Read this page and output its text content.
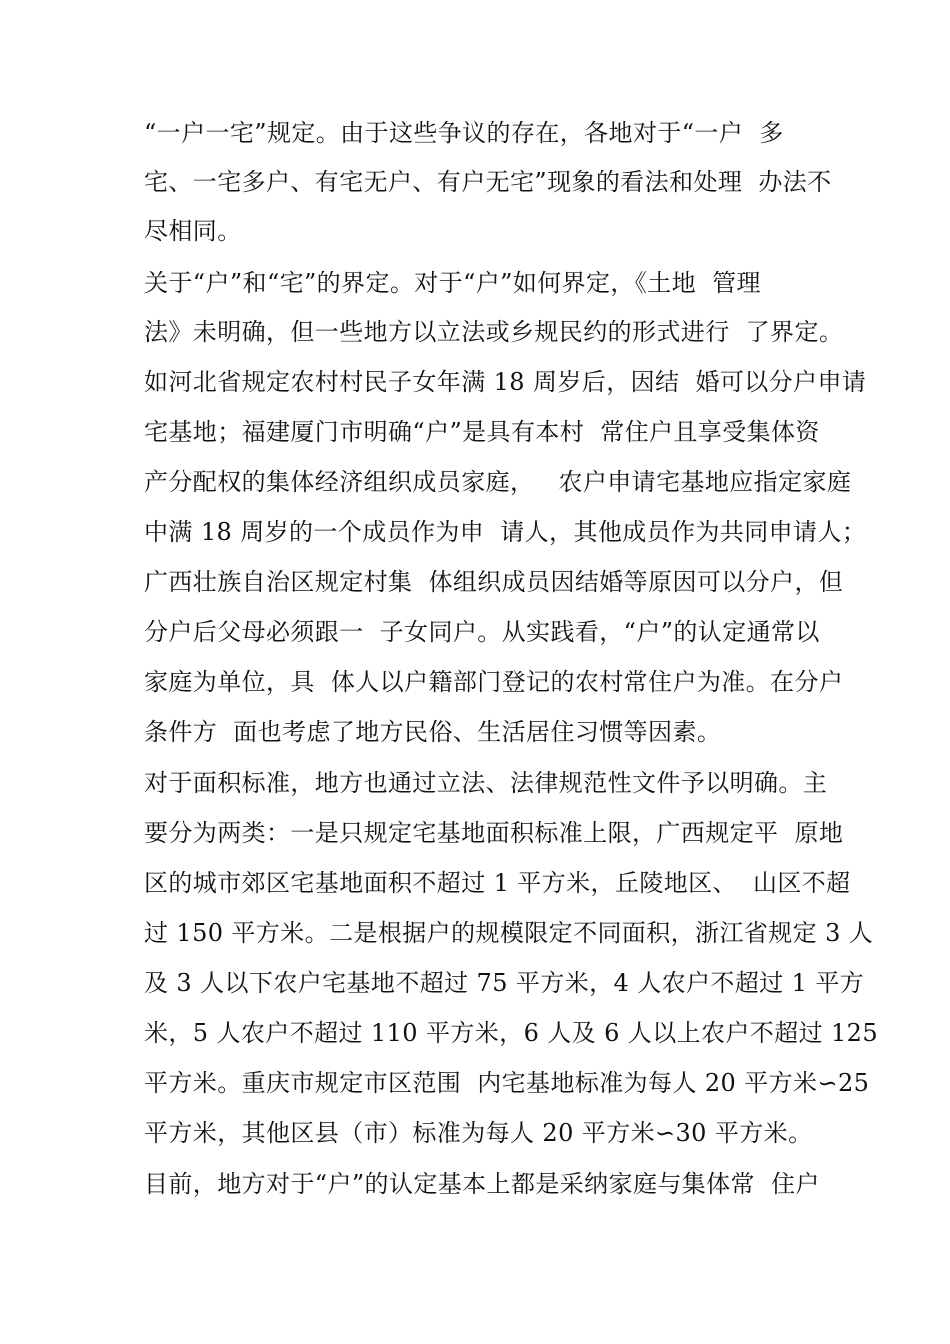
“一户一宅”规定。由于这些争议的存在，各地对于“一户  多
宅、一宅多户、有宅无户、有户无宅”现象的看法和处理  办法不
尽相同。
关于“户”和“宅”的界定。对于“户”如何界定，《土地  管理
法》未明确，但一些地方以立法或乡规民约的形式进行  了界定。
如河北省规定农村村民子女年满 18 周岁后，因结  婚可以分户申请
宅基地；福建厦门市明确“户”是具有本村  常住户且享受集体资
产分配权的集体经济组织成员家庭，   农户申请宅基地应指定家庭
中满 18 周岁的一个成员作为申  请人，其他成员作为共同申请人；
广西壮族自治区规定村集  体组织成员因结婚等原因可以分户，但
分户后父母必须跟一  子女同户。从实践看，“户”的认定通常以
家庭为单位，具  体人以户籍部门登记的农村常住户为准。在分户
条件方  面也考虑了地方民俗、生活居住习惯等因素。
对于面积标准，地方也通过立法、法律规范性文件予以明确。主
要分为两类：一是只规定宅基地面积标准上限，广西规定平  原地
区的城市郊区宅基地面积不超过 1 平方米，丘陵地区、  山区不超
过 150 平方米。二是根据户的规模限定不同面积，浙江省规定 3 人
及 3 人以下农户宅基地不超过 75 平方米，4 人农户不超过 1 平方
米，5 人农户不超过 110 平方米，6 人及 6 人以上农户不超过 125
平方米。重庆市规定市区范围  内宅基地标准为每人 20 平方米∽25
平方米，其他区县（市）标准为每人 20 平方米∽30 平方米。
目前，地方对于“户”的认定基本上都是采纳家庭与集体常  住户
